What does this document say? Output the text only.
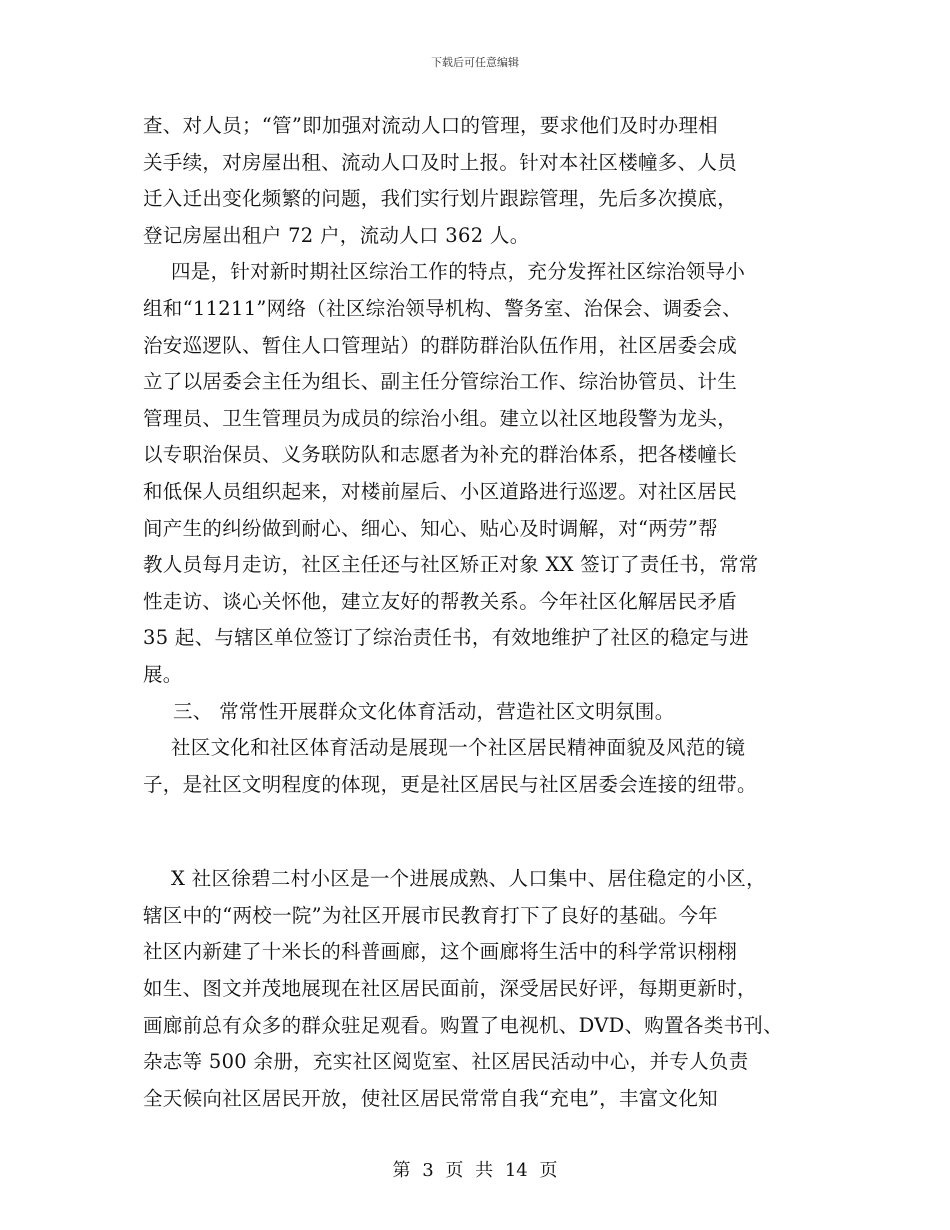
下载后可任意编辑
查、对人员；“管”即加强对流动人口的管理，要求他们及时办理相
关手续，对房屋出租、流动人口及时上报。针对本社区楼幢多、人员
迁入迁出变化频繁的问题，我们实行划片跟踪管理，先后多次摸底，
登记房屋出租户 72 户，流动人口 362 人。
四是，针对新时期社区综治工作的特点，充分发挥社区综治领导小
组和“11211”网络（社区综治领导机构、警务室、治保会、调委会、
治安巡逻队、暂住人口管理站）的群防群治队伍作用，社区居委会成
立了以居委会主任为组长、副主任分管综治工作、综治协管员、计生
管理员、卫生管理员为成员的综治小组。建立以社区地段警为龙头，
以专职治保员、义务联防队和志愿者为补充的群治体系，把各楼幢长
和低保人员组织起来，对楼前屋后、小区道路进行巡逻。对社区居民
间产生的纠纷做到耐心、细心、知心、贴心及时调解，对“两劳”帮
教人员每月走访，社区主任还与社区矫正对象 XX 签订了责任书，常常
性走访、谈心关怀他，建立友好的帮教关系。今年社区化解居民矛盾
35 起、与辖区单位签订了综治责任书，有效地维护了社区的稳定与进
展。
三、 常常性开展群众文化体育活动，营造社区文明氛围。
社区文化和社区体育活动是展现一个社区居民精神面貌及风范的镜
子，是社区文明程度的体现，更是社区居民与社区居委会连接的纽带。
X 社区徐碧二村小区是一个进展成熟、人口集中、居住稳定的小区，
辖区中的“两校一院”为社区开展市民教育打下了良好的基础。今年
社区内新建了十米长的科普画廊，这个画廊将生活中的科学常识栩栩
如生、图文并茂地展现在社区居民面前，深受居民好评，每期更新时，
画廊前总有众多的群众驻足观看。购置了电视机、DVD、购置各类书刊、
杂志等 500 余册，充实社区阅览室、社区居民活动中心，并专人负责
全天候向社区居民开放，使社区居民常常自我“充电”，丰富文化知
第 3 页 共 14 页
